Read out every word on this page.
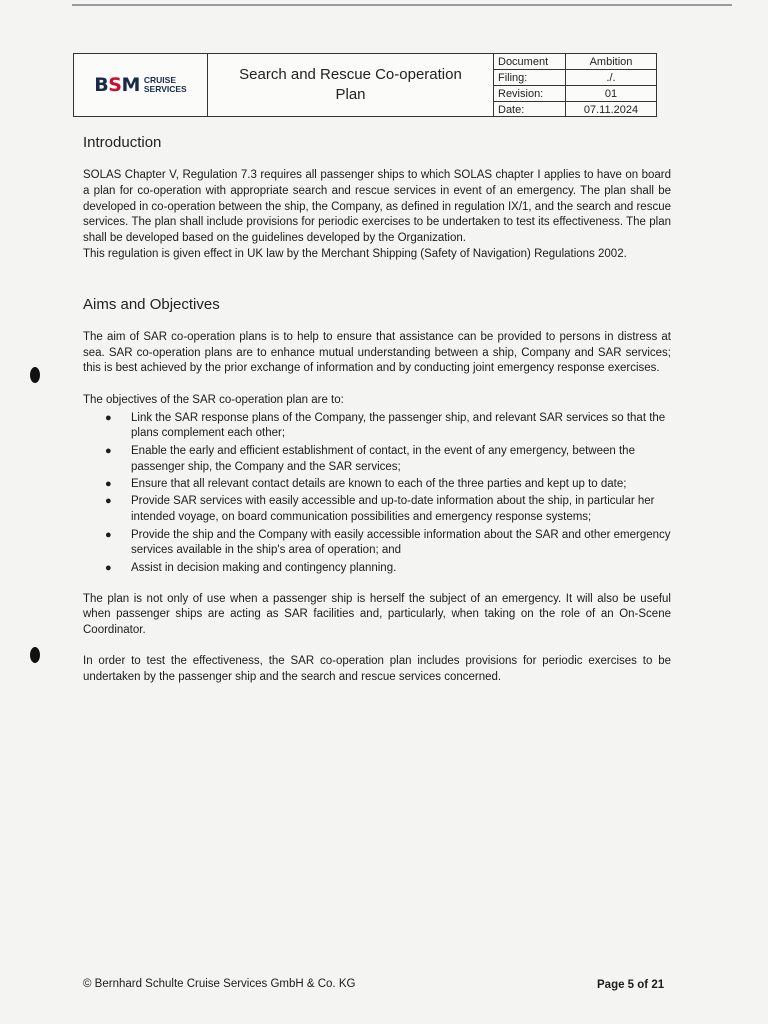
B S M CRUISE
SERVICES
Search and Rescue Co-operation Plan
Document	Ambition
Filing:	./.
Revision:	01
Date:	07.11.2024
Introduction

SOLAS Chapter V, Regulation 7.3 requires all passenger ships to which SOLAS chapter I applies to have on board a plan for co-operation with appropriate search and rescue services in event of an emergency. The plan shall be developed in co-operation between the ship, the Company, as defined in regulation IX/1, and the search and rescue services. The plan shall include provisions for periodic exercises to be undertaken to test its effectiveness. The plan shall be developed based on the guidelines developed by the Organization.

This regulation is given effect in UK law by the Merchant Shipping (Safety of Navigation) Regulations 2002.

Aims and Objectives

The aim of SAR co-operation plans is to help to ensure that assistance can be provided to persons in distress at sea. SAR co-operation plans are to enhance mutual understanding between a ship, Company and SAR services; this is best achieved by the prior exchange of information and by conducting joint emergency response exercises.

The objectives of the SAR co-operation plan are to:

● Link the SAR response plans of the Company, the passenger ship, and relevant SAR services so that the plans complement each other;
● Enable the early and efficient establishment of contact, in the event of any emergency, between the passenger ship, the Company and the SAR services;
● Ensure that all relevant contact details are known to each of the three parties and kept up to date;
● Provide SAR services with easily accessible and up-to-date information about the ship, in particular her intended voyage, on board communication possibilities and emergency response systems;
● Provide the ship and the Company with easily accessible information about the SAR and other emergency services available in the ship's area of operation; and
● Assist in decision making and contingency planning.

The plan is not only of use when a passenger ship is herself the subject of an emergency. It will also be useful when passenger ships are acting as SAR facilities and, particularly, when taking on the role of an On-Scene Coordinator.

In order to test the effectiveness, the SAR co-operation plan includes provisions for periodic exercises to be undertaken by the passenger ship and the search and rescue services concerned.

© Bernhard Schulte Cruise Services GmbH & Co. KG	Page 5 of 21
